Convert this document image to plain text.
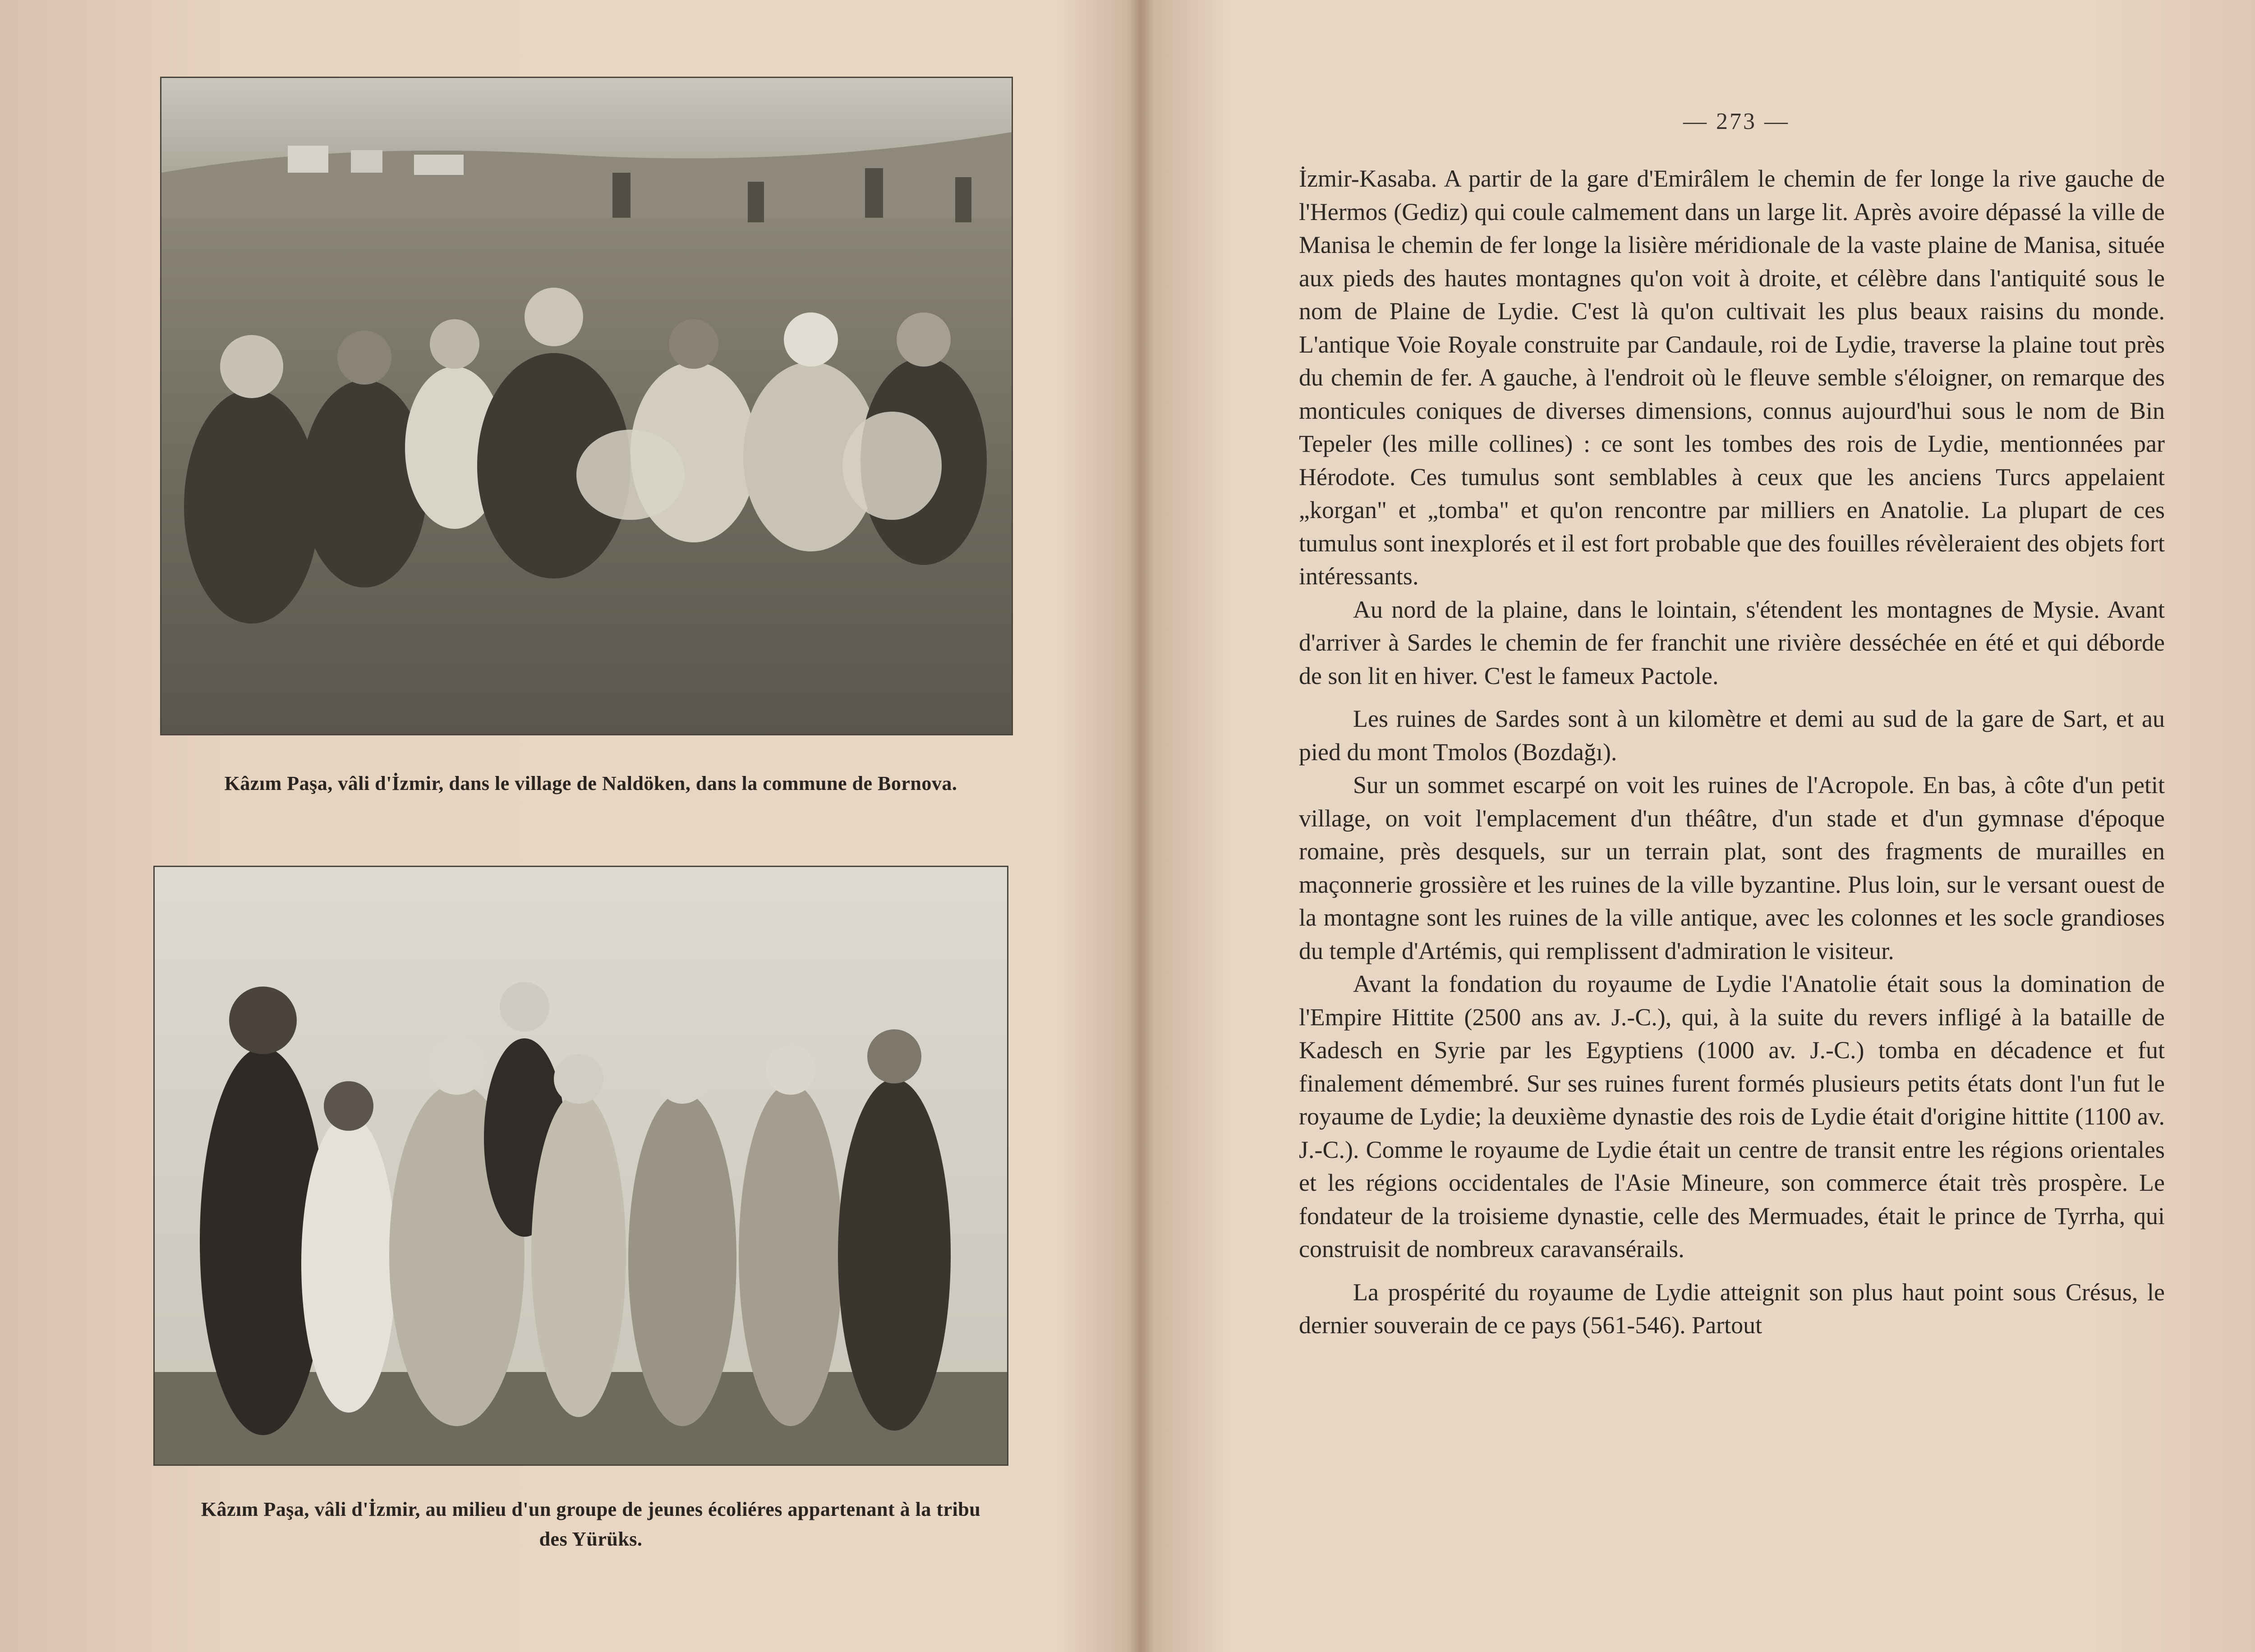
Kâzım Paşa, vâli d'İzmir, dans le village de Naldöken, dans la commune de Bornova.
Kâzım Paşa, vâli d'İzmir, au milieu d'un groupe de jeunes écoliéres appartenant à la tribu des Yürüks.
— 273 —

İzmir-Kasaba. A partir de la gare d'Emirâlem le chemin de fer longe la rive gauche de l'Hermos (Gediz) qui coule calmement dans un large lit. Après avoire dépassé la ville de Manisa le chemin de fer longe la lisière méridionale de la vaste plaine de Manisa, située aux pieds des hautes montagnes qu'on voit à droite, et célèbre dans l'antiquité sous le nom de Plaine de Lydie. C'est là qu'on cultivait les plus beaux raisins du monde. L'antique Voie Royale construite par Candaule, roi de Lydie, traverse la plaine tout près du chemin de fer. A gauche, à l'endroit où le fleuve semble s'éloigner, on remarque des monticules coniques de diverses dimensions, connus aujourd'hui sous le nom de Bin Tepeler (les mille collines) : ce sont les tombes des rois de Lydie, mentionnées par Hérodote. Ces tumulus sont semblables à ceux que les anciens Turcs appelaient „korgan" et „tomba" et qu'on rencontre par milliers en Anatolie. La plupart de ces tumulus sont inexplorés et il est fort probable que des fouilles révèleraient des objets fort intéressants.

Au nord de la plaine, dans le lointain, s'étendent les montagnes de Mysie. Avant d'arriver à Sardes le chemin de fer franchit une rivière desséchée en été et qui déborde de son lit en hiver. C'est le fameux Pactole.

Les ruines de Sardes sont à un kilomètre et demi au sud de la gare de Sart, et au pied du mont Tmolos (Bozdağı).

Sur un sommet escarpé on voit les ruines de l'Acropole. En bas, à côte d'un petit village, on voit l'emplacement d'un théâtre, d'un stade et d'un gymnase d'époque romaine, près desquels, sur un terrain plat, sont des fragments de murailles en maçonnerie grossière et les ruines de la ville byzantine. Plus loin, sur le versant ouest de la montagne sont les ruines de la ville antique, avec les colonnes et les socle grandioses du temple d'Artémis, qui remplissent d'admiration le visiteur.

Avant la fondation du royaume de Lydie l'Anatolie était sous la domination de l'Empire Hittite (2500 ans av. J.-C.), qui, à la suite du revers infligé à la bataille de Kadesch en Syrie par les Egyptiens (1000 av. J.-C.) tomba en décadence et fut finalement démembré. Sur ses ruines furent formés plusieurs petits états dont l'un fut le royaume de Lydie; la deuxième dynastie des rois de Lydie était d'origine hittite (1100 av. J.-C.). Comme le royaume de Lydie était un centre de transit entre les régions orientales et les régions occidentales de l'Asie Mineure, son commerce était très prospère. Le fondateur de la troisieme dynastie, celle des Mermuades, était le prince de Tyrrha, qui construisit de nombreux caravansérails.

La prospérité du royaume de Lydie atteignit son plus haut point sous Crésus, le dernier souverain de ce pays (561-546). Partout
